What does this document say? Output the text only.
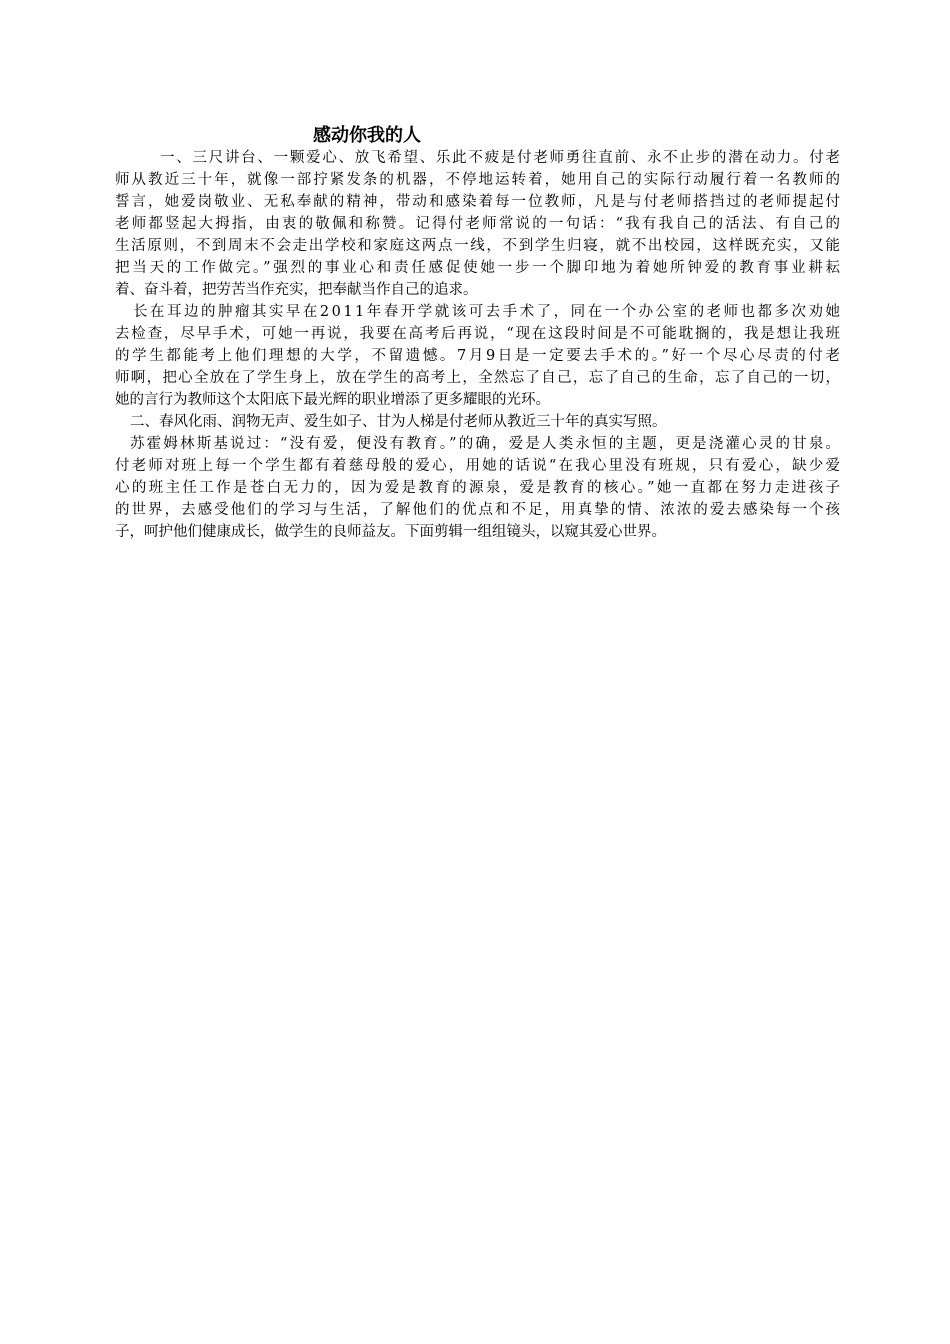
感动你我的人
一、三尺讲台、一颗爱心、放飞希望、乐此不疲是付老师勇往直前、永不止步的潜在动力。付老
师从教近三十年，就像一部拧紧发条的机器，不停地运转着，她用自己的实际行动履行着一名教师的
誓言，她爱岗敬业、无私奉献的精神，带动和感染着每一位教师，凡是与付老师搭挡过的老师提起付
老师都竖起大拇指，由衷的敬佩和称赞。记得付老师常说的一句话：“我有我自己的活法、有自己的
生活原则，不到周末不会走出学校和家庭这两点一线，不到学生归寝，就不出校园，这样既充实，又能
把当天的工作做完。”强烈的事业心和责任感促使她一步一个脚印地为着她所钟爱的教育事业耕耘
着、奋斗着，把劳苦当作充实，把奉献当作自己的追求。
长在耳边的肿瘤其实早在2011年春开学就该可去手术了，同在一个办公室的老师也都多次劝她
去检查，尽早手术，可她一再说，我要在高考后再说，“现在这段时间是不可能耽搁的，我是想让我班
的学生都能考上他们理想的大学，不留遗憾。7月9日是一定要去手术的。”好一个尽心尽责的付老
师啊，把心全放在了学生身上，放在学生的高考上，全然忘了自己，忘了自己的生命，忘了自己的一切，
她的言行为教师这个太阳底下最光辉的职业增添了更多耀眼的光环。
二、春风化雨、润物无声、爱生如子、甘为人梯是付老师从教近三十年的真实写照。
苏霍姆林斯基说过：“没有爱，便没有教育。”的确，爱是人类永恒的主题，更是浇灌心灵的甘泉。
付老师对班上每一个学生都有着慈母般的爱心，用她的话说“在我心里没有班规，只有爱心，缺少爱
心的班主任工作是苍白无力的，因为爱是教育的源泉，爱是教育的核心。”她一直都在努力走进孩子
的世界，去感受他们的学习与生活，了解他们的优点和不足，用真挚的情、浓浓的爱去感染每一个孩
子，呵护他们健康成长，做学生的良师益友。下面剪辑一组组镜头，以窥其爱心世界。
